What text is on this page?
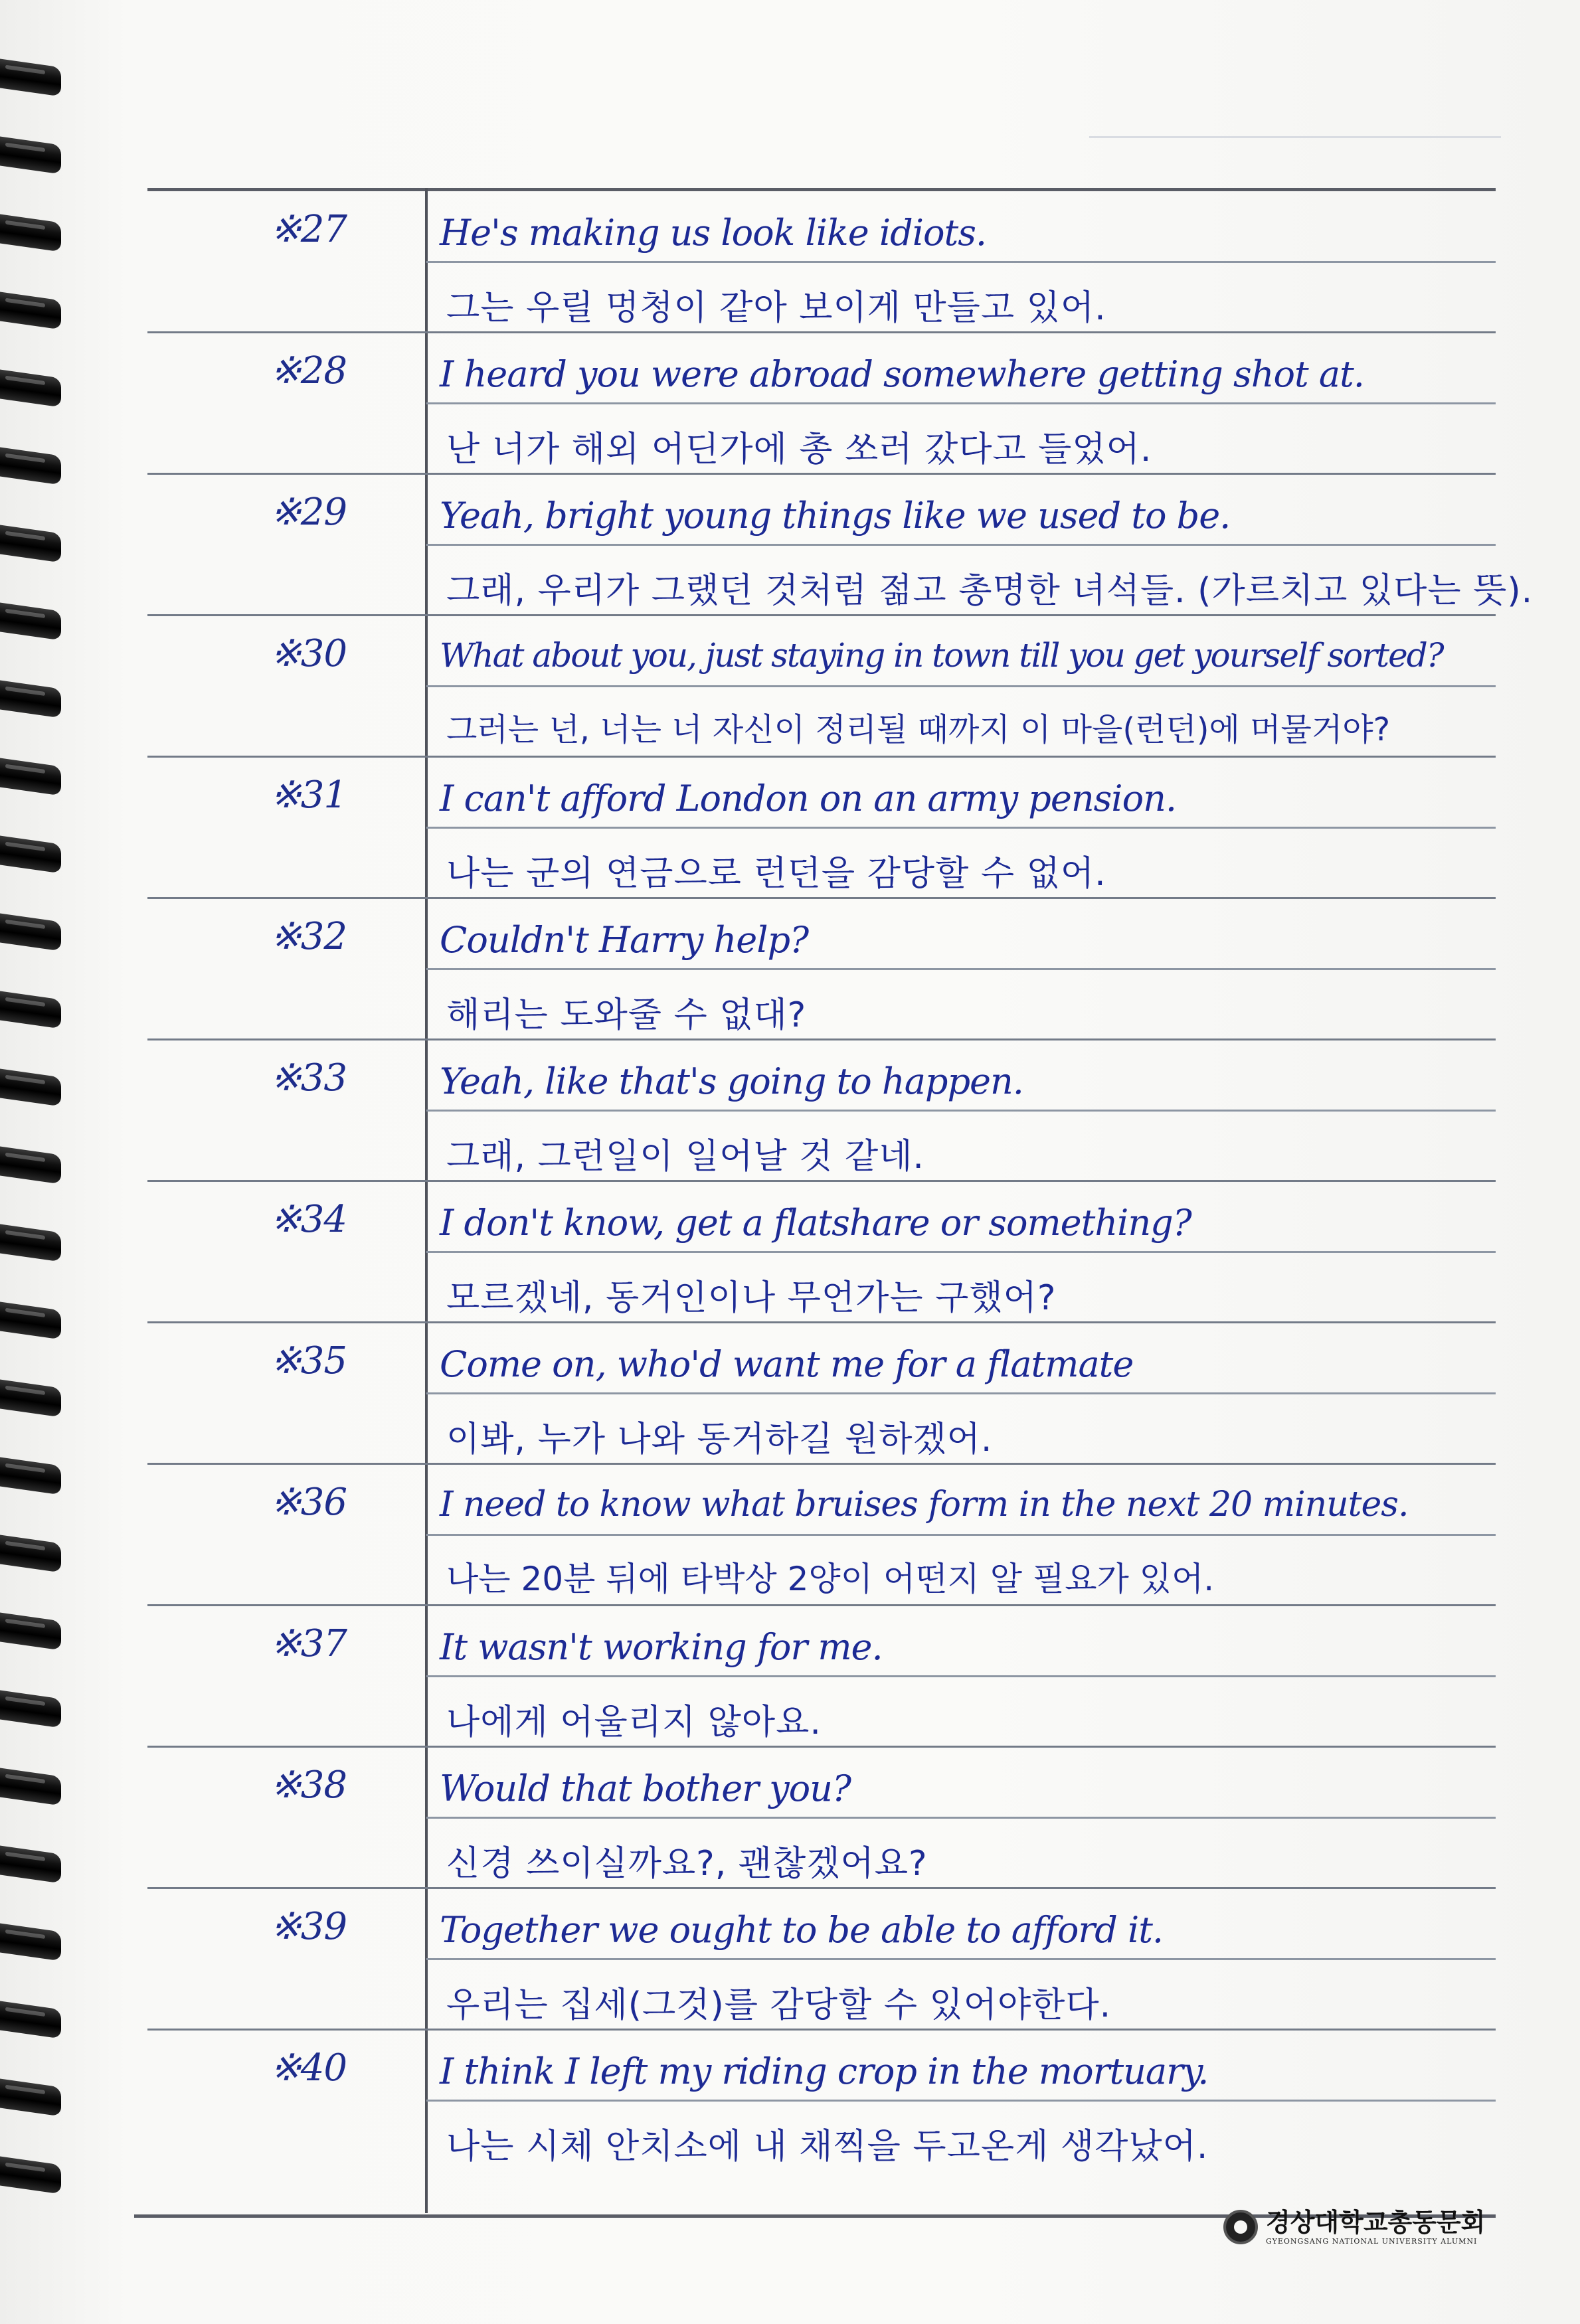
※27	He's making us look like idiots.
그는 우릴 멍청이 같아 보이게 만들고 있어.
※28	I heard you were abroad somewhere getting shot at.
난 너가 해외 어딘가에 총 쏘러 갔다고 들었어.
※29	Yeah, bright young things like we used to be.
그래, 우리가 그랬던 것처럼 젊고 총명한 녀석들. (가르치고 있다는 뜻).
※30	What about you, just staying in town till you get yourself sorted?
그러는 넌, 너는 너 자신이 정리될 때까지 이 마을(런던)에 머물거야?
※31	I can't afford London on an army pension.
나는 군의 연금으로 런던을 감당할 수 없어.
※32	Couldn't Harry help?
해리는 도와줄 수 없대?
※33	Yeah, like that's going to happen.
그래, 그런일이 일어날 것 같네.
※34	I don't know, get a flatshare or something?
모르겠네, 동거인이나 무언가는 구했어?
※35	Come on, who'd want me for a flatmate
이봐, 누가 나와 동거하길 원하겠어.
※36	I need to know what bruises form in the next 20 minutes.
나는 20분 뒤에 타박상 2양이 어떤지 알 필요가 있어.
※37	It wasn't working for me.
나에게 어울리지 않아요.
※38	Would that bother you?
신경 쓰이실까요?, 괜찮겠어요?
※39	Together we ought to be able to afford it.
우리는 집세(그것)를 감당할 수 있어야한다.
※40	I think I left my riding crop in the mortuary.
나는 시체 안치소에 내 채찍을 두고온게 생각났어.
경상대학교총동문회
GYEONGSANG NATIONAL UNIVERSITY ALUMNI
